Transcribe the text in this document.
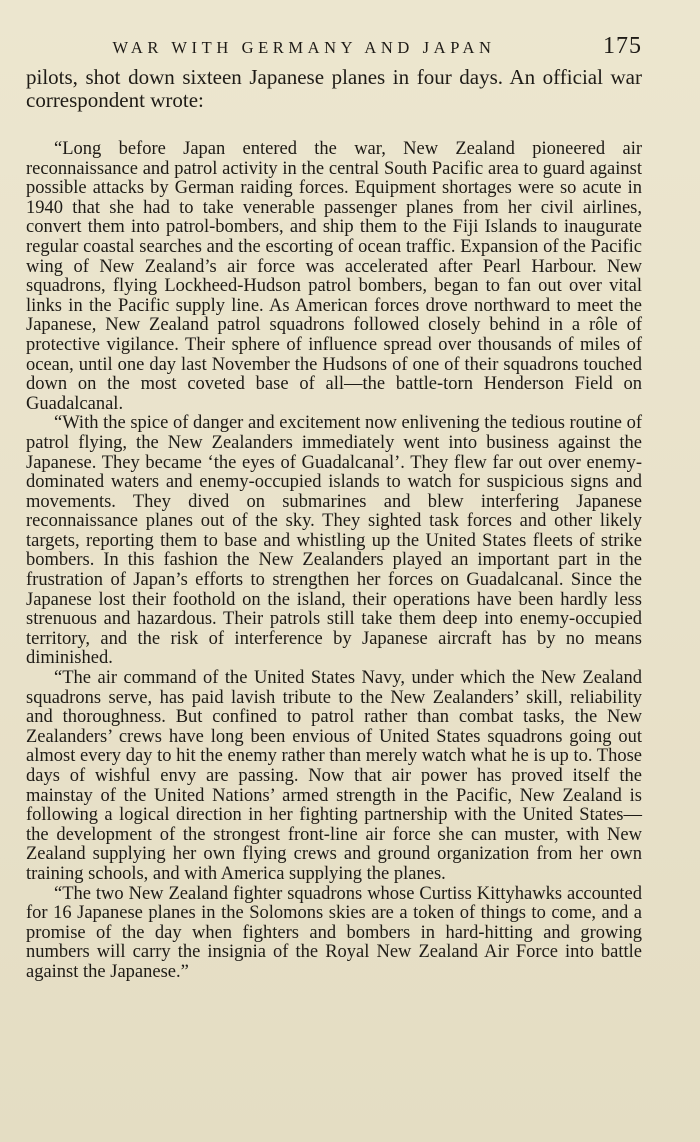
WAR WITH GERMANY AND JAPAN	175

pilots, shot down sixteen Japanese planes in four days. An official war correspondent wrote:

“Long before Japan entered the war, New Zealand pioneered air reconnaissance and patrol activity in the central South Pacific area to guard against possible attacks by German raiding forces. Equipment shortages were so acute in 1940 that she had to take venerable passenger planes from her civil airlines, convert them into patrol-bombers, and ship them to the Fiji Islands to inaugurate regular coastal searches and the escorting of ocean traffic. Expansion of the Pacific wing of New Zealand’s air force was accelerated after Pearl Harbour. New squadrons, flying Lockheed-Hudson patrol bombers, began to fan out over vital links in the Pacific supply line. As American forces drove northward to meet the Japanese, New Zealand patrol squadrons followed closely behind in a rôle of protective vigilance. Their sphere of influence spread over thousands of miles of ocean, until one day last November the Hudsons of one of their squadrons touched down on the most coveted base of all—the battle-torn Henderson Field on Guadalcanal.

“With the spice of danger and excitement now enlivening the tedious routine of patrol flying, the New Zealanders immediately went into business against the Japanese. They became ‘the eyes of Guadalcanal’. They flew far out over enemy-dominated waters and enemy-occupied islands to watch for suspicious signs and movements. They dived on submarines and blew interfering Japanese reconnaissance planes out of the sky. They sighted task forces and other likely targets, reporting them to base and whistling up the United States fleets of strike bombers. In this fashion the New Zealanders played an important part in the frustration of Japan’s efforts to strengthen her forces on Guadalcanal. Since the Japanese lost their foothold on the island, their operations have been hardly less strenuous and hazardous. Their patrols still take them deep into enemy-occupied territory, and the risk of interference by Japanese aircraft has by no means diminished.

“The air command of the United States Navy, under which the New Zealand squadrons serve, has paid lavish tribute to the New Zealanders’ skill, reliability and thoroughness. But confined to patrol rather than combat tasks, the New Zealanders’ crews have long been envious of United States squadrons going out almost every day to hit the enemy rather than merely watch what he is up to. Those days of wishful envy are passing. Now that air power has proved itself the mainstay of the United Nations’ armed strength in the Pacific, New Zealand is following a logical direction in her fighting partnership with the United States—the development of the strongest front-line air force she can muster, with New Zealand supplying her own flying crews and ground organization from her own training schools, and with America supplying the planes.

“The two New Zealand fighter squadrons whose Curtiss Kittyhawks accounted for 16 Japanese planes in the Solomons skies are a token of things to come, and a promise of the day when fighters and bombers in hard-hitting and growing numbers will carry the insignia of the Royal New Zealand Air Force into battle against the Japanese.”
